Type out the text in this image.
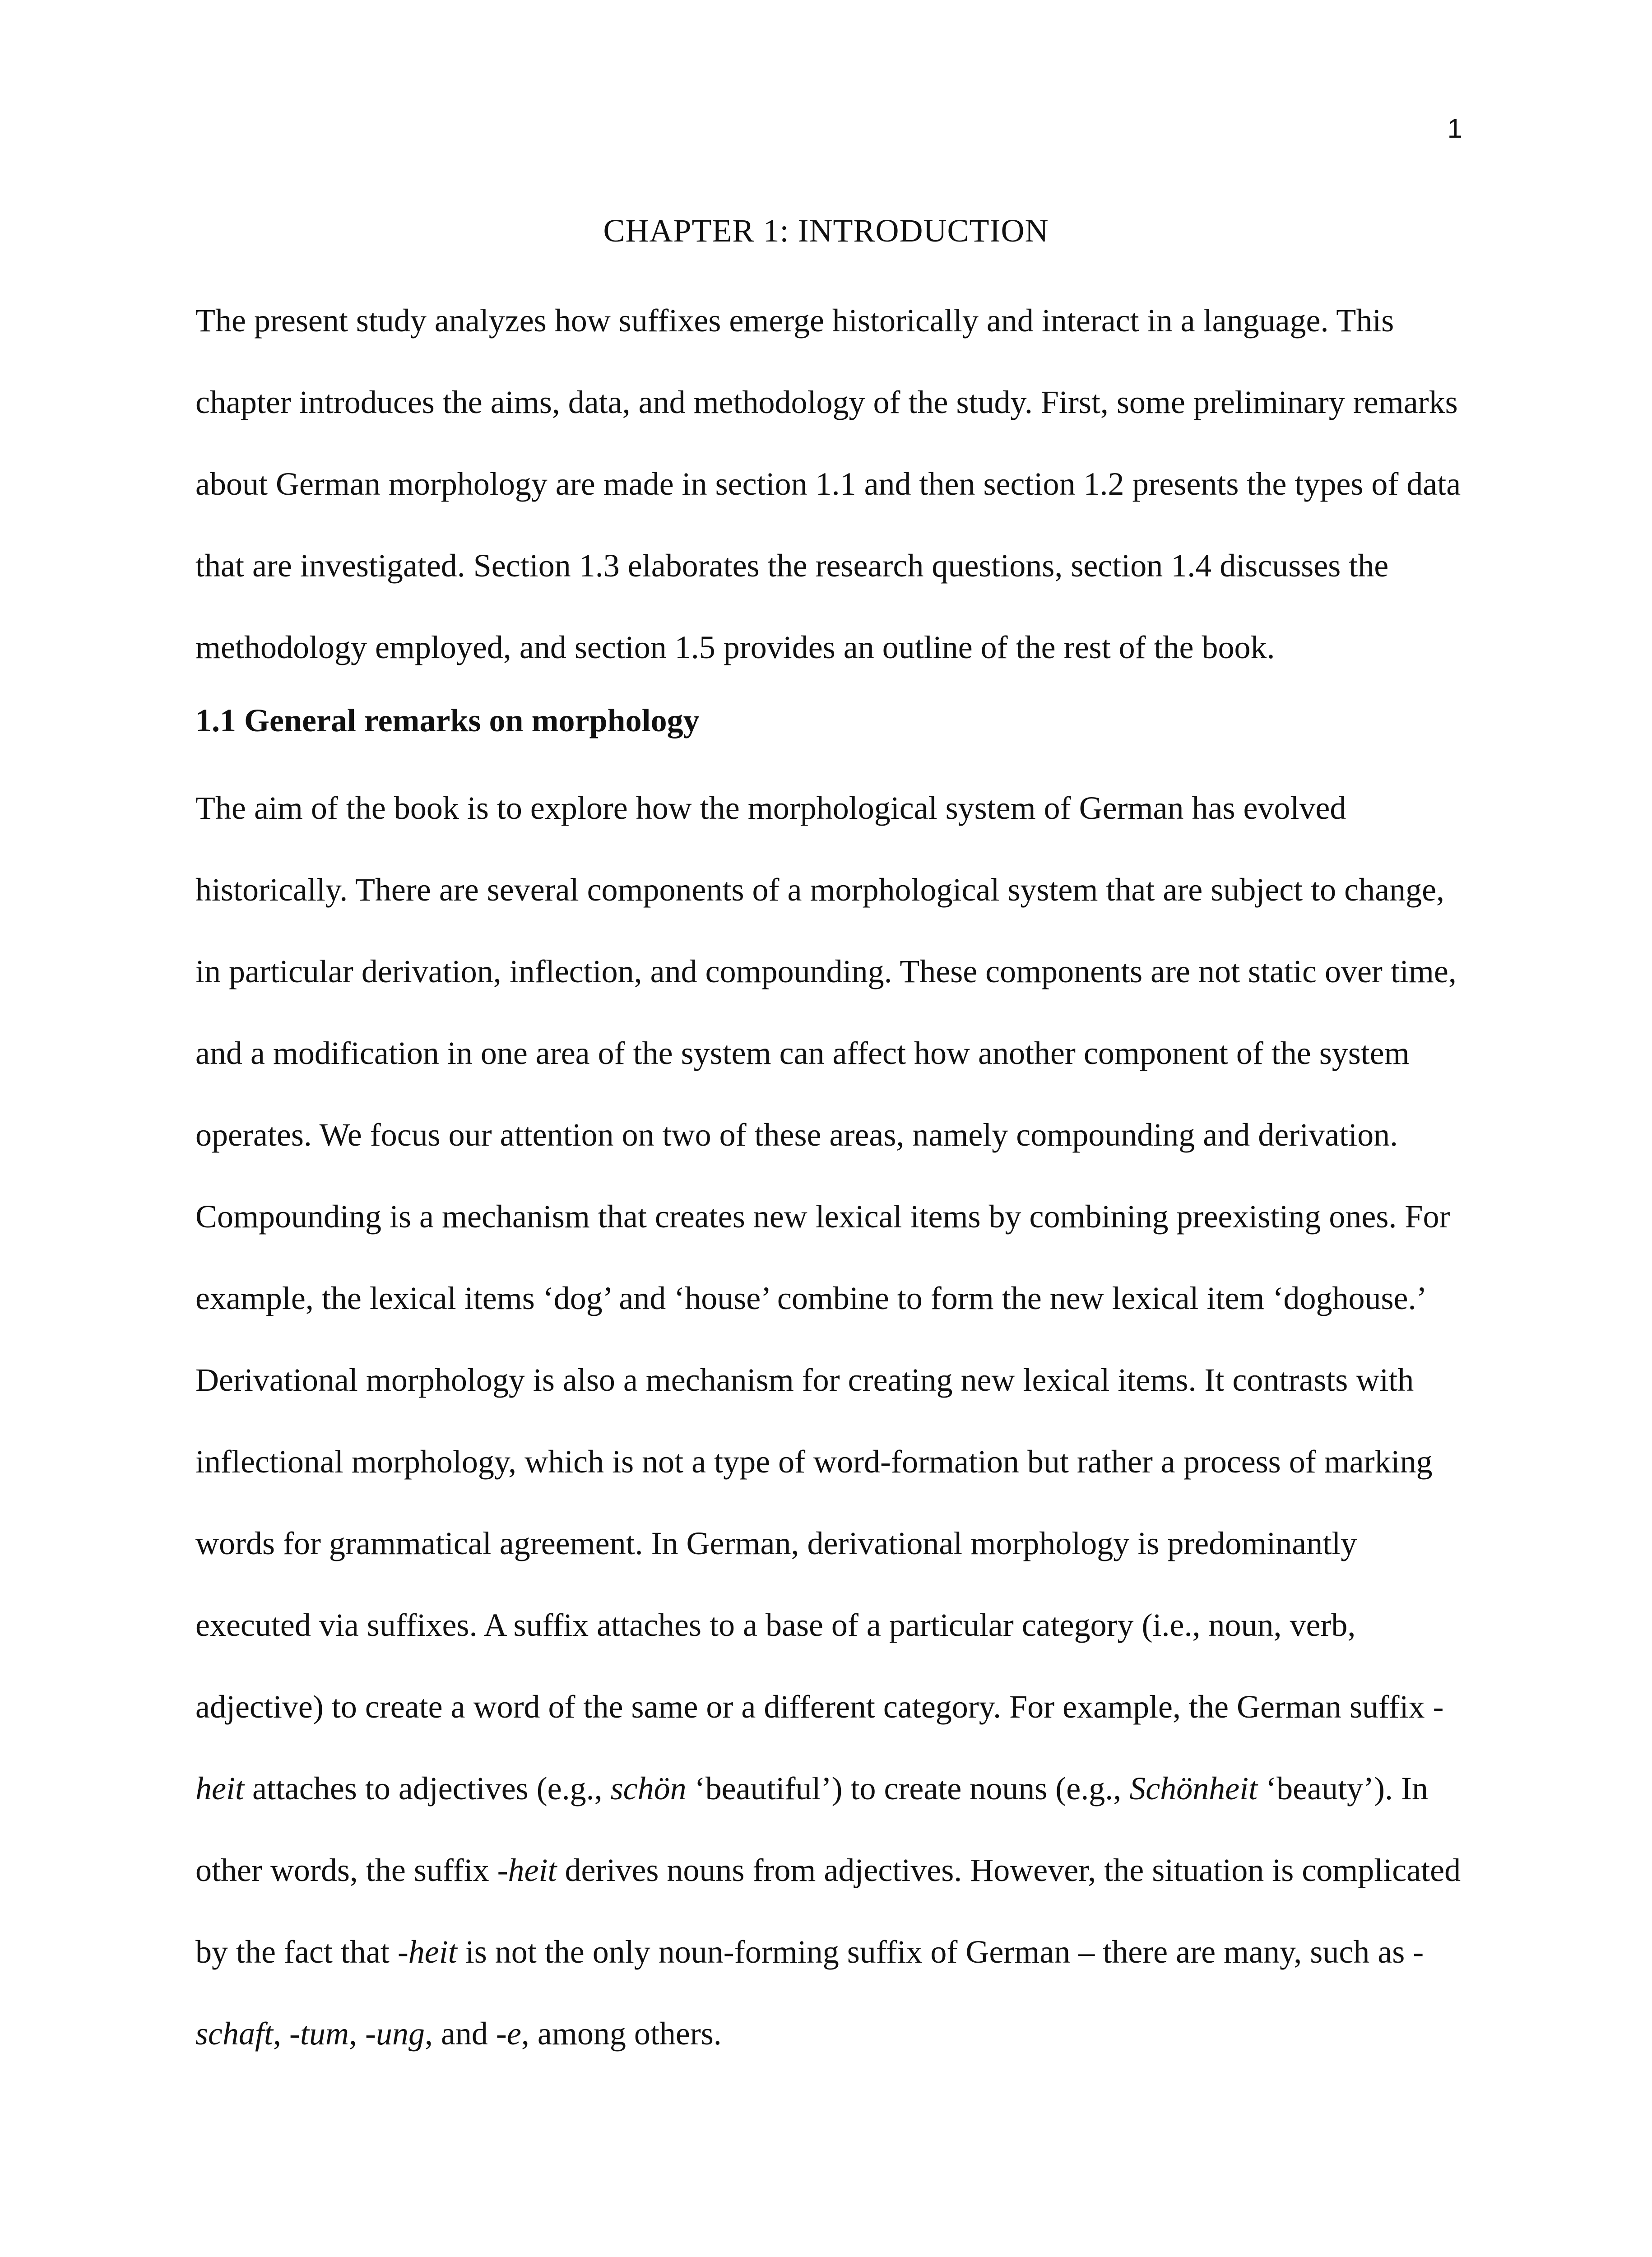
1
CHAPTER 1: INTRODUCTION
The present study analyzes how suffixes emerge historically and interact in a language. This
chapter introduces the aims, data, and methodology of the study. First, some preliminary remarks
about German morphology are made in section 1.1 and then section 1.2 presents the types of data
that are investigated. Section 1.3 elaborates the research questions, section 1.4 discusses the
methodology employed, and section 1.5 provides an outline of the rest of the book.
1.1 General remarks on morphology
The aim of the book is to explore how the morphological system of German has evolved
historically. There are several components of a morphological system that are subject to change,
in particular derivation, inflection, and compounding. These components are not static over time,
and a modification in one area of the system can affect how another component of the system
operates. We focus our attention on two of these areas, namely compounding and derivation.
Compounding is a mechanism that creates new lexical items by combining preexisting ones. For
example, the lexical items ‘dog’ and ‘house’ combine to form the new lexical item ‘doghouse.’
Derivational morphology is also a mechanism for creating new lexical items. It contrasts with
inflectional morphology, which is not a type of word-formation but rather a process of marking
words for grammatical agreement. In German, derivational morphology is predominantly
executed via suffixes. A suffix attaches to a base of a particular category (i.e., noun, verb,
adjective) to create a word of the same or a different category. For example, the German suffix -
heit attaches to adjectives (e.g., schön ‘beautiful’) to create nouns (e.g., Schönheit ‘beauty’). In
other words, the suffix -heit derives nouns from adjectives. However, the situation is complicated
by the fact that -heit is not the only noun-forming suffix of German – there are many, such as -
schaft, -tum, -ung, and -e, among others.
